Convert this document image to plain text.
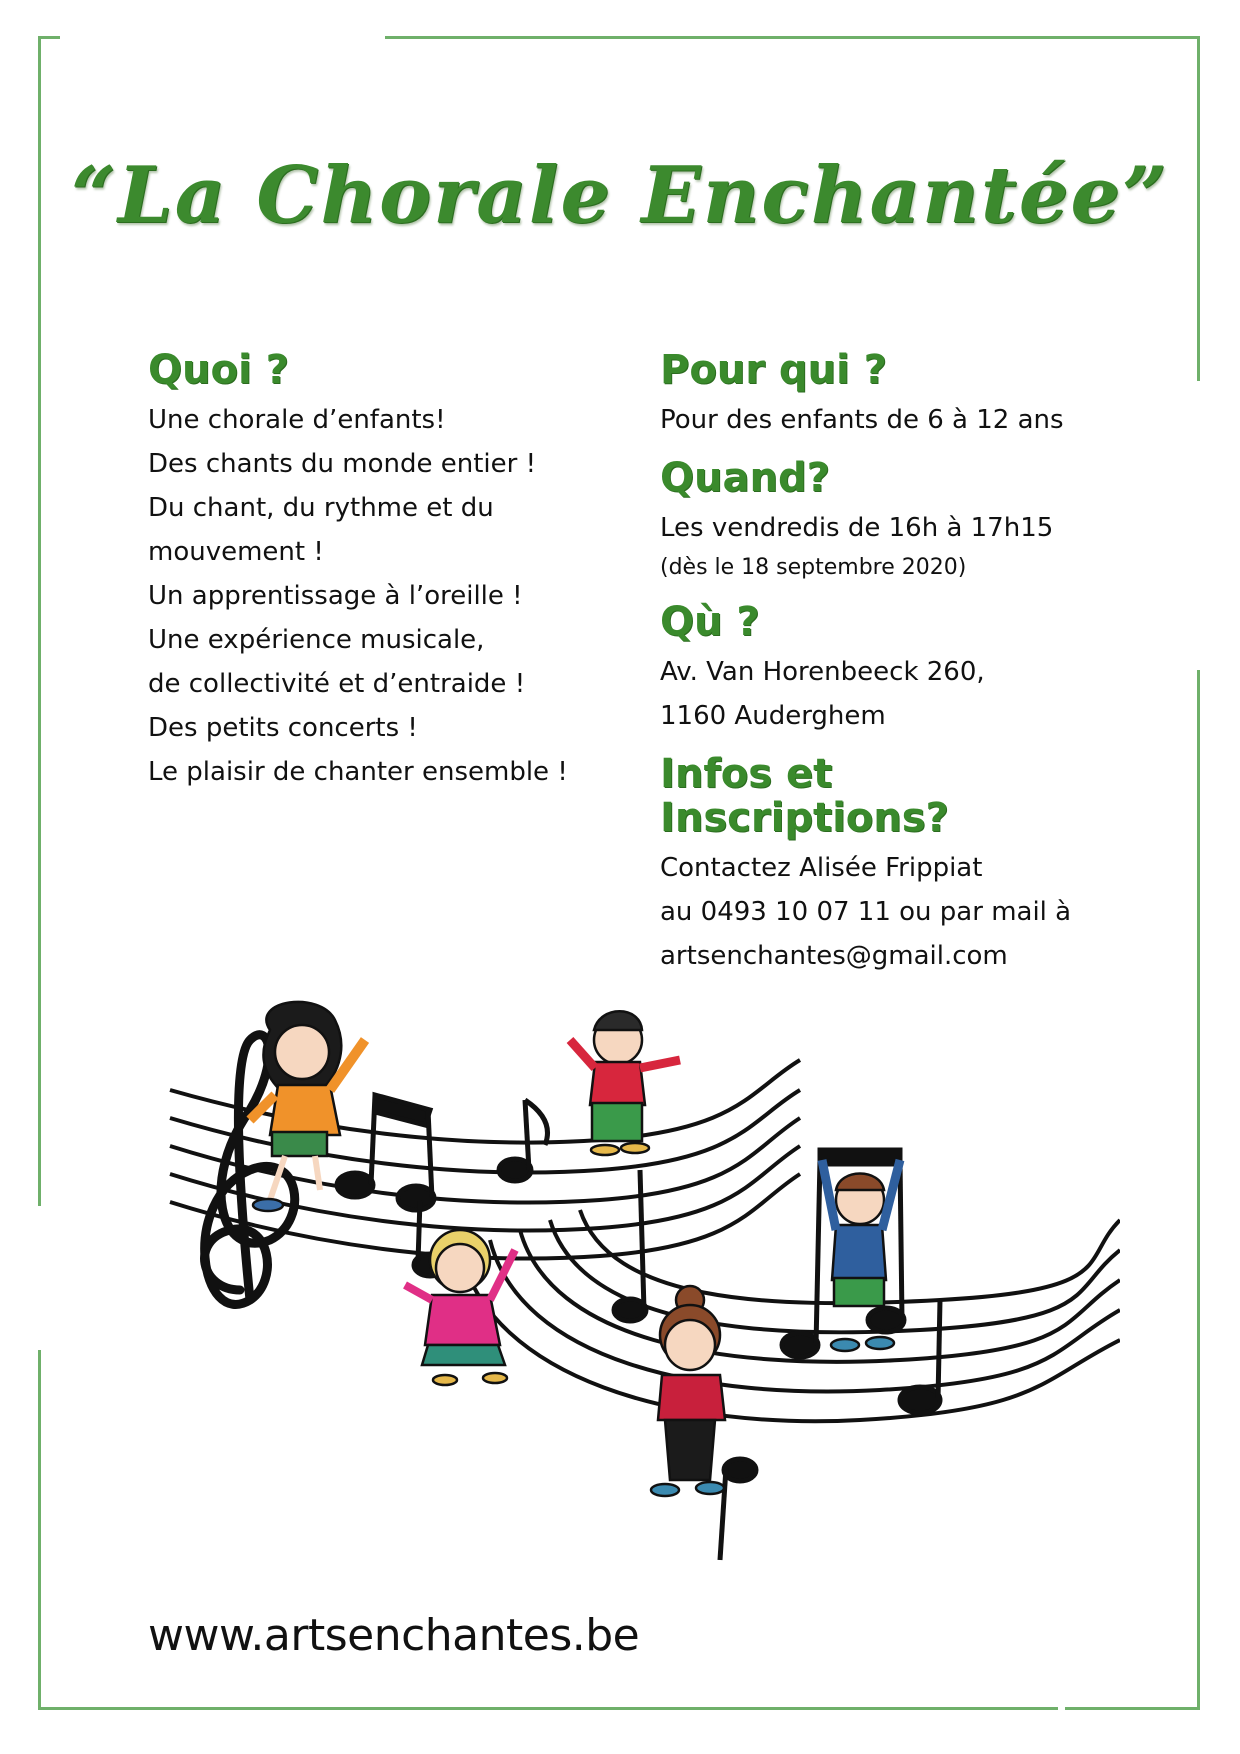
“La Chorale Enchantée”
Quoi ?

Une chorale d’enfants!

Des chants du monde entier !

Du chant, du rythme et du

mouvement !

Un apprentissage à l’oreille !

Une expérience musicale,

de collectivité et d’entraide !

Des petits concerts !

Le plaisir de chanter ensemble !

Pour qui ?

Pour des enfants de 6 à 12 ans

Quand?

Les vendredis de 16h à 17h15

(dès le 18 septembre 2020)

Qù ?

Av. Van Horenbeeck 260,

1160 Auderghem

Infos et Inscriptions?

Contactez Alisée Frippiat

au 0493 10 07 11 ou par mail à

artsenchantes@gmail.com

www.artsenchantes.be
